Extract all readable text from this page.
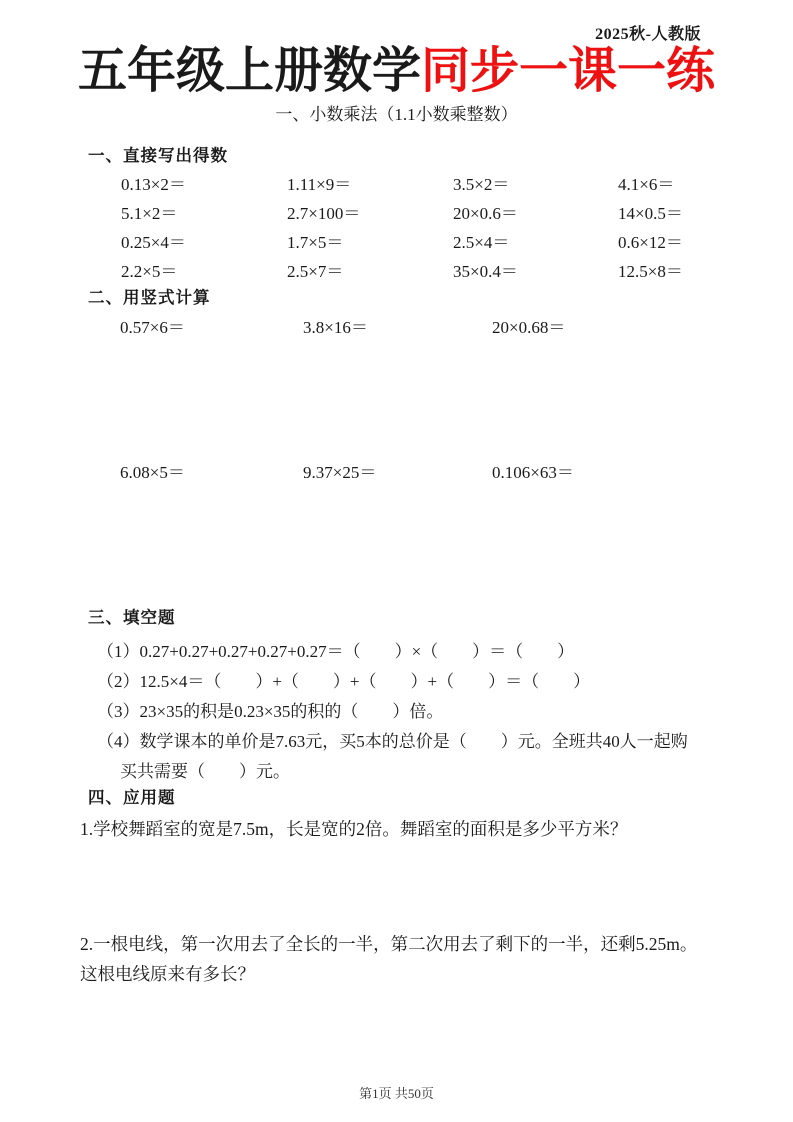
2025秋-人教版
五年级上册数学同步一课一练
一、小数乘法（1.1小数乘整数）
一、直接写出得数
0.13×2＝	1.11×9＝	3.5×2＝	4.1×6＝
5.1×2＝	2.7×100＝	20×0.6＝	14×0.5＝
0.25×4＝	1.7×5＝	2.5×4＝	0.6×12＝
2.2×5＝	2.5×7＝	35×0.4＝	12.5×8＝
二、用竖式计算
0.57×6＝	3.8×16＝	20×0.68＝
6.08×5＝	9.37×25＝	0.106×63＝
三、填空题
（1）0.27+0.27+0.27+0.27+0.27＝（　　）×（　　）＝（　　）
（2）12.5×4＝（　　）+（　　）+（　　）+（　　）＝（　　）
（3）23×35的积是0.23×35的积的（　　）倍。
（4）数学课本的单价是7.63元，买5本的总价是（　　）元。全班共40人一起购
买共需要（　　）元。
四、应用题
1.学校舞蹈室的宽是7.5m，长是宽的2倍。舞蹈室的面积是多少平方米？
2.一根电线，第一次用去了全长的一半，第二次用去了剩下的一半，还剩5.25m。
这根电线原来有多长？
第1页 共50页
